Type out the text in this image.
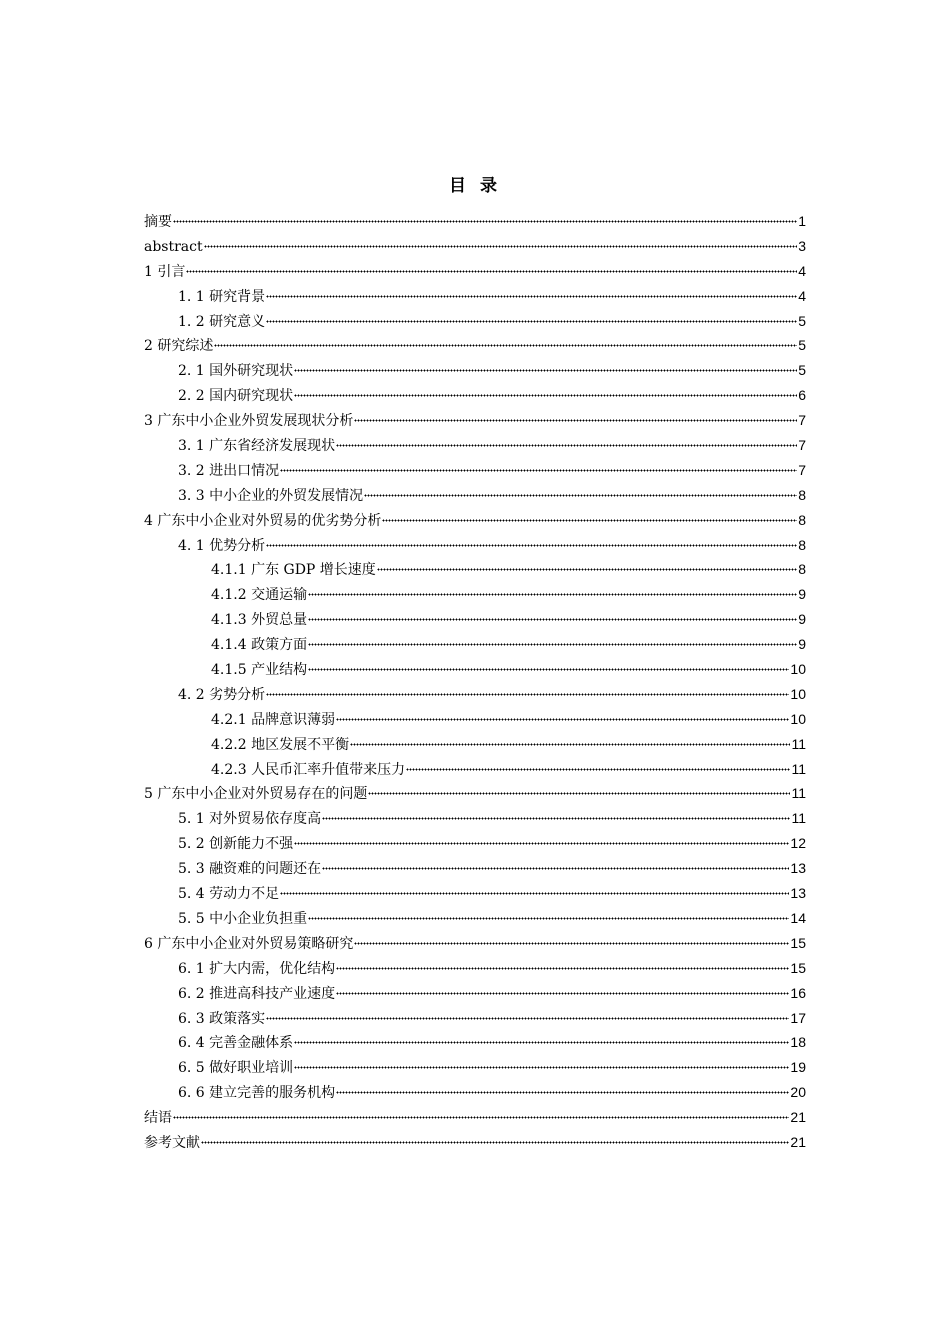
目 录
摘要	1
abstract	3
1 引言	4
1. 1 研究背景	4
1. 2 研究意义	5
2 研究综述	5
2. 1 国外研究现状	5
2. 2 国内研究现状	6
3 广东中小企业外贸发展现状分析	7
3. 1 广东省经济发展现状	7
3. 2 进出口情况	7
3. 3 中小企业的外贸发展情况	8
4 广东中小企业对外贸易的优劣势分析	8
4. 1 优势分析	8
4.1.1 广东 GDP 增长速度	8
4.1.2 交通运输	9
4.1.3 外贸总量	9
4.1.4 政策方面	9
4.1.5 产业结构	10
4. 2 劣势分析	10
4.2.1 品牌意识薄弱	10
4.2.2 地区发展不平衡	11
4.2.3 人民币汇率升值带来压力	11
5 广东中小企业对外贸易存在的问题	11
5. 1 对外贸易依存度高	11
5. 2 创新能力不强	12
5. 3 融资难的问题还在	13
5. 4 劳动力不足	13
5. 5 中小企业负担重	14
6 广东中小企业对外贸易策略研究	15
6. 1 扩大内需，优化结构	15
6. 2 推进高科技产业速度	16
6. 3 政策落实	17
6. 4 完善金融体系	18
6. 5 做好职业培训	19
6. 6 建立完善的服务机构	20
结语	21
参考文献	21
